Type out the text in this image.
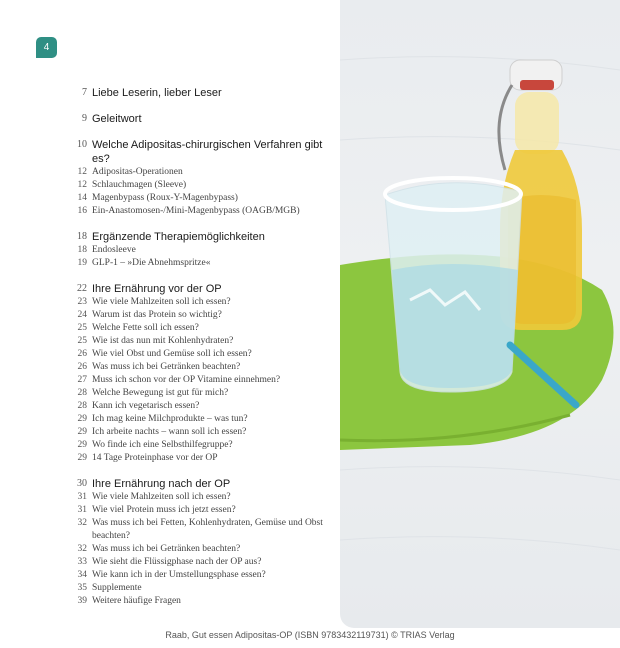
4
7 Liebe Leserin, lieber Leser
9 Geleitwort
10 Welche Adipositas-chirurgischen Verfahren gibt es?
12 Adipositas-Operationen
12 Schlauchmagen (Sleeve)
14 Magenbypass (Roux-Y-Magenbypass)
16 Ein-Anastomosen-/Mini-Magenbypass (OAGB/MGB)
18 Ergänzende Therapiemöglichkeiten
18 Endosleeve
19 GLP-1 – »Die Abnehmspritze«
22 Ihre Ernährung vor der OP
23 Wie viele Mahlzeiten soll ich essen?
24 Warum ist das Protein so wichtig?
25 Welche Fette soll ich essen?
25 Wie ist das nun mit Kohlenhydraten?
26 Wie viel Obst und Gemüse soll ich essen?
26 Was muss ich bei Getränken beachten?
27 Muss ich schon vor der OP Vitamine einnehmen?
28 Welche Bewegung ist gut für mich?
28 Kann ich vegetarisch essen?
29 Ich mag keine Milchprodukte – was tun?
29 Ich arbeite nachts – wann soll ich essen?
29 Wo finde ich eine Selbsthilfegruppe?
29 14 Tage Proteinphase vor der OP
30 Ihre Ernährung nach der OP
31 Wie viele Mahlzeiten soll ich essen?
31 Wie viel Protein muss ich jetzt essen?
32 Was muss ich bei Fetten, Kohlenhydraten, Gemüse und Obst beachten?
32 Was muss ich bei Getränken beachten?
33 Wie sieht die Flüssigphase nach der OP aus?
34 Wie kann ich in der Umstellungsphase essen?
35 Supplemente
39 Weitere häufige Fragen
Raab, Gut essen Adipositas-OP (ISBN 9783432119731) © TRIAS Verlag
